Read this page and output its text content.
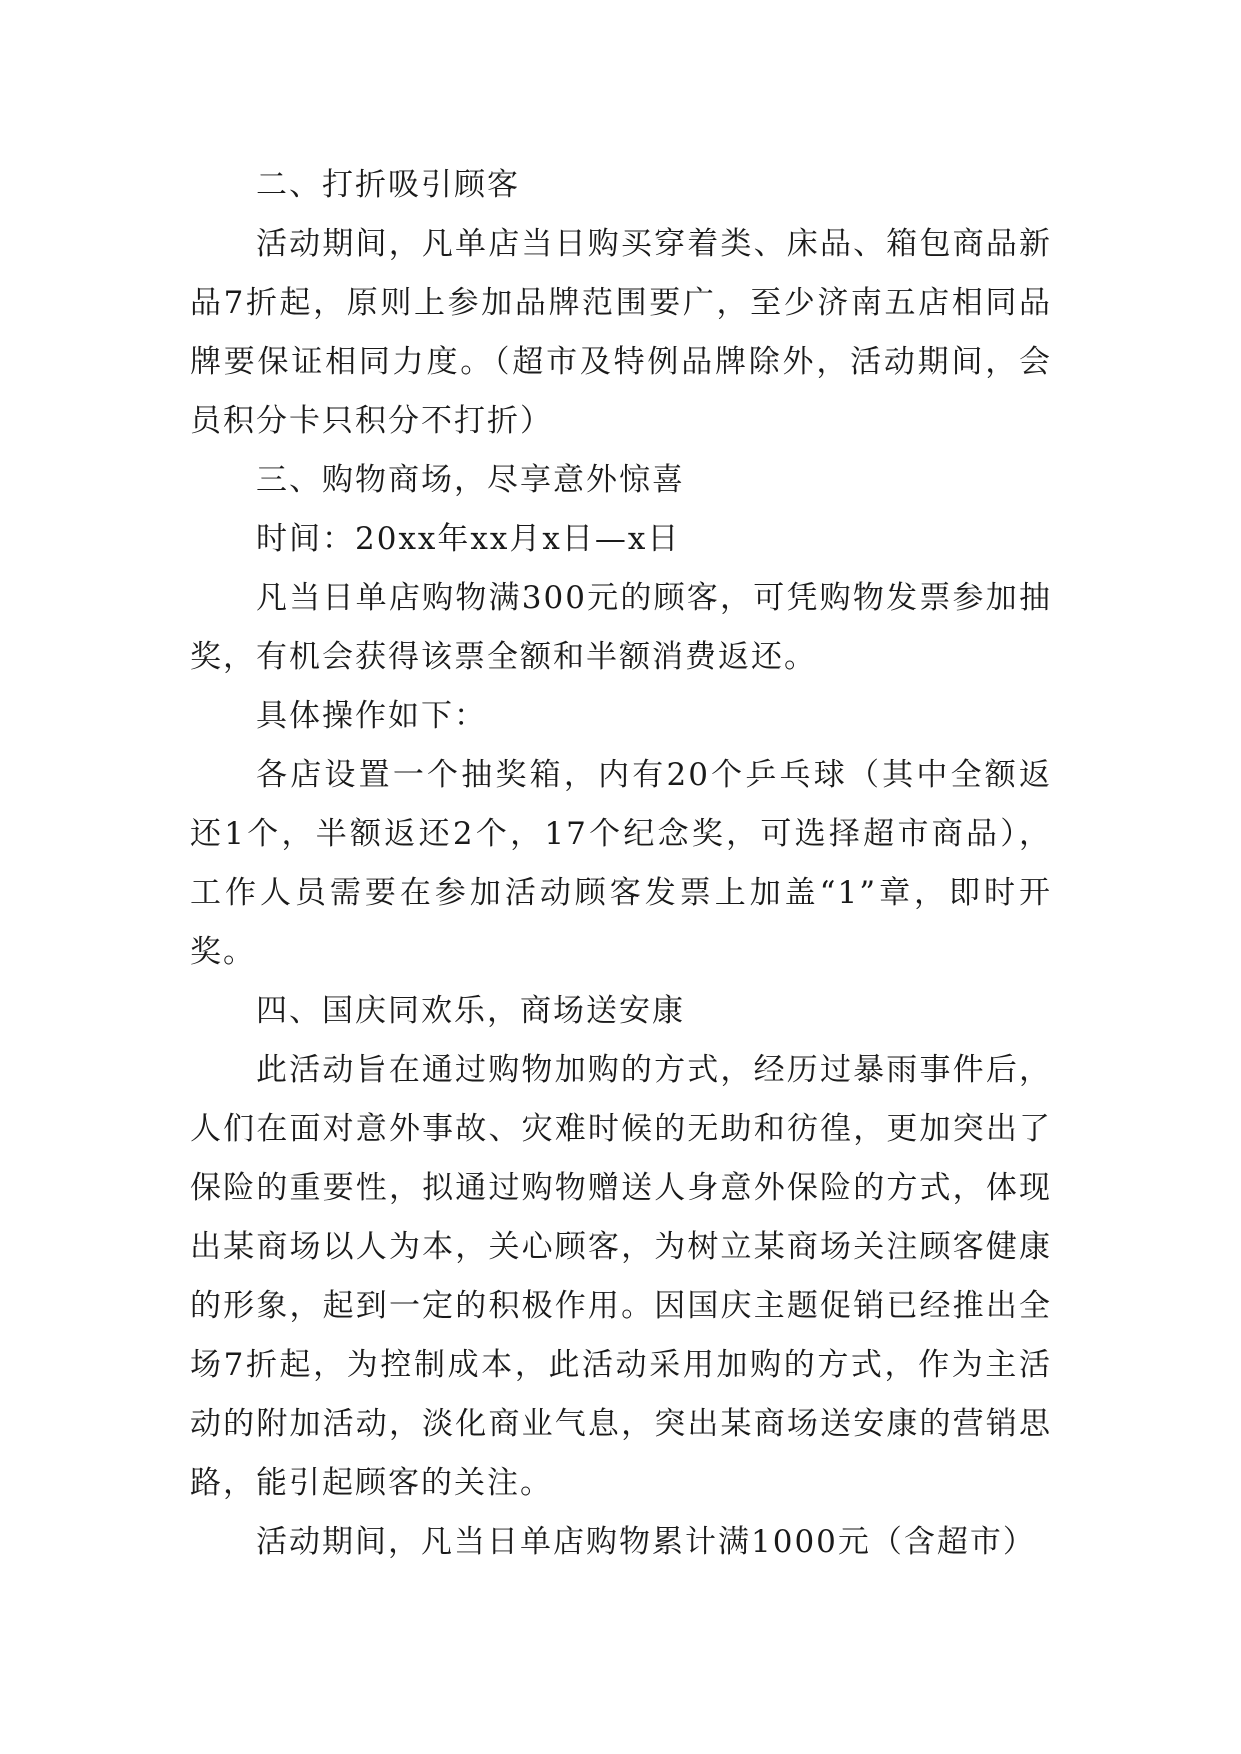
二、打折吸引顾客

活动期间，凡单店当日购买穿着类、床品、箱包商品新品7折起，原则上参加品牌范围要广，至少济南五店相同品牌要保证相同力度。（超市及特例品牌除外，活动期间，会员积分卡只积分不打折）

三、购物商场，尽享意外惊喜

时间：20xx年xx月x日—x日

凡当日单店购物满300元的顾客，可凭购物发票参加抽奖，有机会获得该票全额和半额消费返还。

具体操作如下：

各店设置一个抽奖箱，内有20个乒乓球（其中全额返还1个，半额返还2个，17个纪念奖，可选择超市商品），工作人员需要在参加活动顾客发票上加盖“1”章，即时开奖。

四、国庆同欢乐，商场送安康

此活动旨在通过购物加购的方式，经历过暴雨事件后，人们在面对意外事故、灾难时候的无助和彷徨，更加突出了保险的重要性，拟通过购物赠送人身意外保险的方式，体现出某商场以人为本，关心顾客，为树立某商场关注顾客健康的形象，起到一定的积极作用。因国庆主题促销已经推出全场7折起，为控制成本，此活动采用加购的方式，作为主活动的附加活动，淡化商业气息，突出某商场送安康的营销思路，能引起顾客的关注。

活动期间，凡当日单店购物累计满1000元（含超市）
